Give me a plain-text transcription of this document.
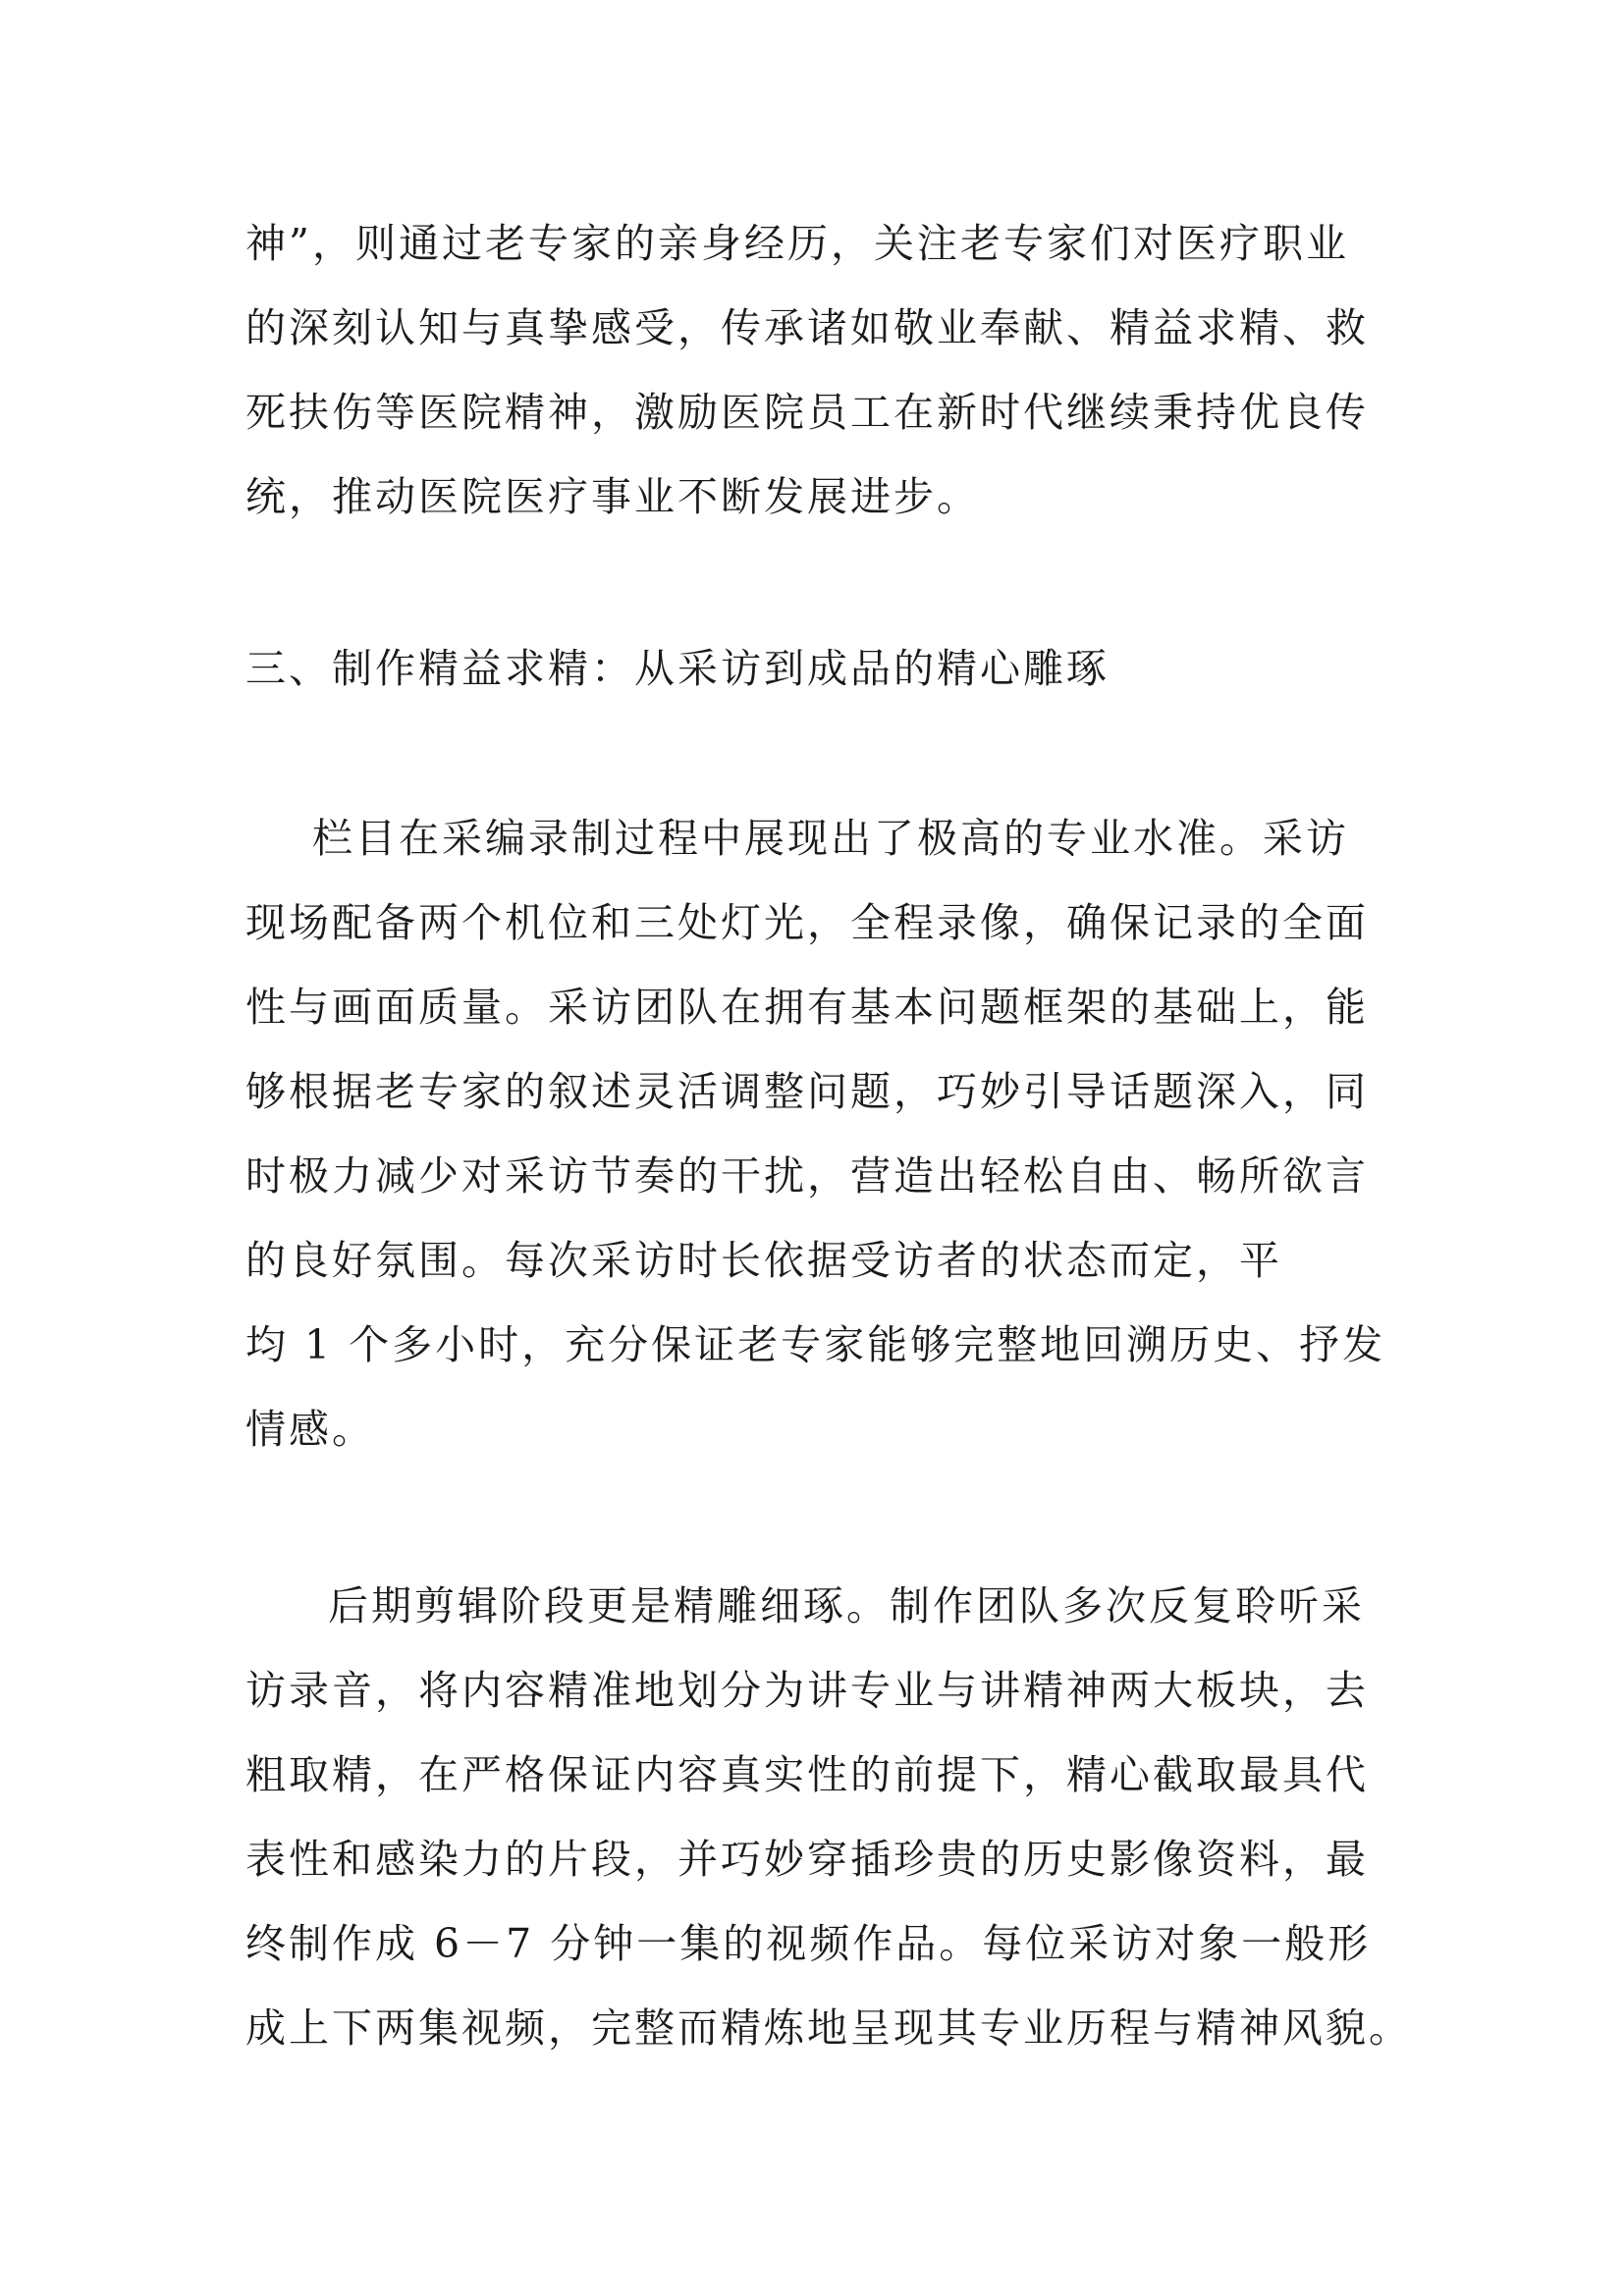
神”，则通过老专家的亲身经历，关注老专家们对医疗职业
的深刻认知与真挚感受，传承诸如敬业奉献、精益求精、救
死扶伤等医院精神，激励医院员工在新时代继续秉持优良传
统，推动医院医疗事业不断发展进步。
三、制作精益求精：从采访到成品的精心雕琢
栏目在采编录制过程中展现出了极高的专业水准。采访
现场配备两个机位和三处灯光，全程录像，确保记录的全面
性与画面质量。采访团队在拥有基本问题框架的基础上，能
够根据老专家的叙述灵活调整问题，巧妙引导话题深入，同
时极力减少对采访节奏的干扰，营造出轻松自由、畅所欲言
的良好氛围。每次采访时长依据受访者的状态而定，平
均 1 个多小时，充分保证老专家能够完整地回溯历史、抒发
情感。
后期剪辑阶段更是精雕细琢。制作团队多次反复聆听采
访录音，将内容精准地划分为讲专业与讲精神两大板块，去
粗取精，在严格保证内容真实性的前提下，精心截取最具代
表性和感染力的片段，并巧妙穿插珍贵的历史影像资料，最
终制作成 6－7 分钟一集的视频作品。每位采访对象一般形
成上下两集视频，完整而精炼地呈现其专业历程与精神风貌。
